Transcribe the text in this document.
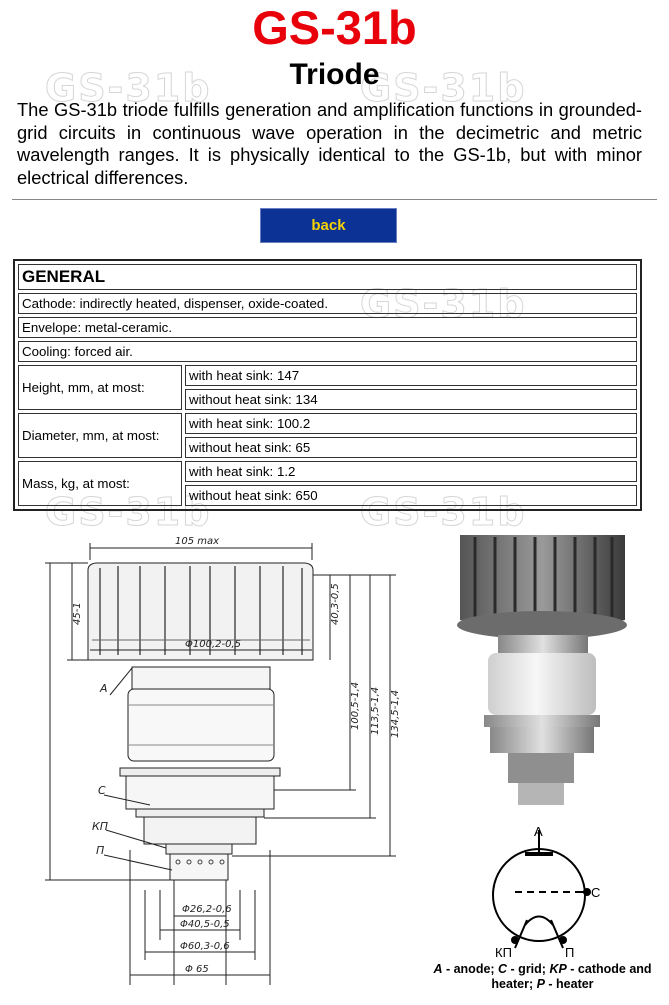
GS-31b	GS-31b
GS-31b
GS-31b	GS-31b
GS-31b
Triode

The GS-31b triode fulfills generation and amplification functions in grounded-grid circuits in continuous wave operation in the decimetric and metric wavelength ranges. It is physically identical to the GS-1b, but with minor electrical differences.

back
GENERAL	
Cathode: indirectly heated, dispenser, oxide-coated.	
Envelope: metal-ceramic.	
Cooling: forced air.	
Height, mm, at most:	with heat sink: 147
	without heat sink: 134
Diameter, mm, at most:	with heat sink: 100.2
	without heat sink: 65
Mass, kg, at most:	with heat sink: 1.2
	without heat sink: 650
105 max
Φ100,2-0,5
45-1	40,3-0,5
100,5-1,4 113,5-1,4 134,5-1,4
Φ26,2-0,6
Φ40,5-0,5
Φ60,3-0,6
Φ 65
A
C
КП
П
A
C
КП	П
A - anode; C - grid; KP - cathode and heater; P - heater
